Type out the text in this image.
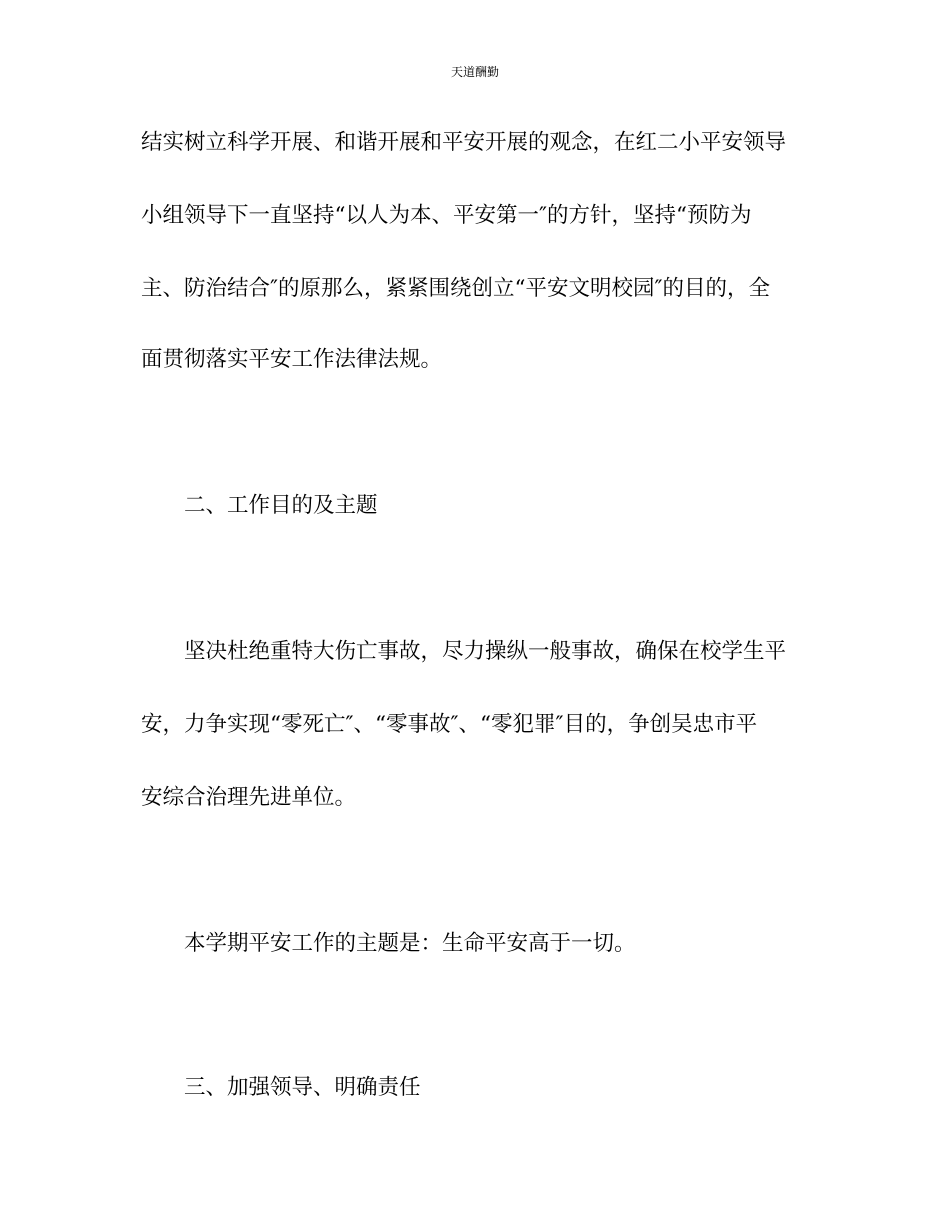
天道酬勤
结实树立科学开展、和谐开展和平安开展的观念，在红二小平安领导
小组领导下一直坚持“以人为本、平安第一″的方针，坚持“预防为
主、防治结合″的原那么，紧紧围绕创立“平安文明校园″的目的，全
面贯彻落实平安工作法律法规。
二、工作目的及主题
坚决杜绝重特大伤亡事故，尽力操纵一般事故，确保在校学生平
安，力争实现“零死亡″、“零事故″、“零犯罪″目的，争创吴忠市平
安综合治理先进单位。
本学期平安工作的主题是：生命平安高于一切。
三、加强领导、明确责任
